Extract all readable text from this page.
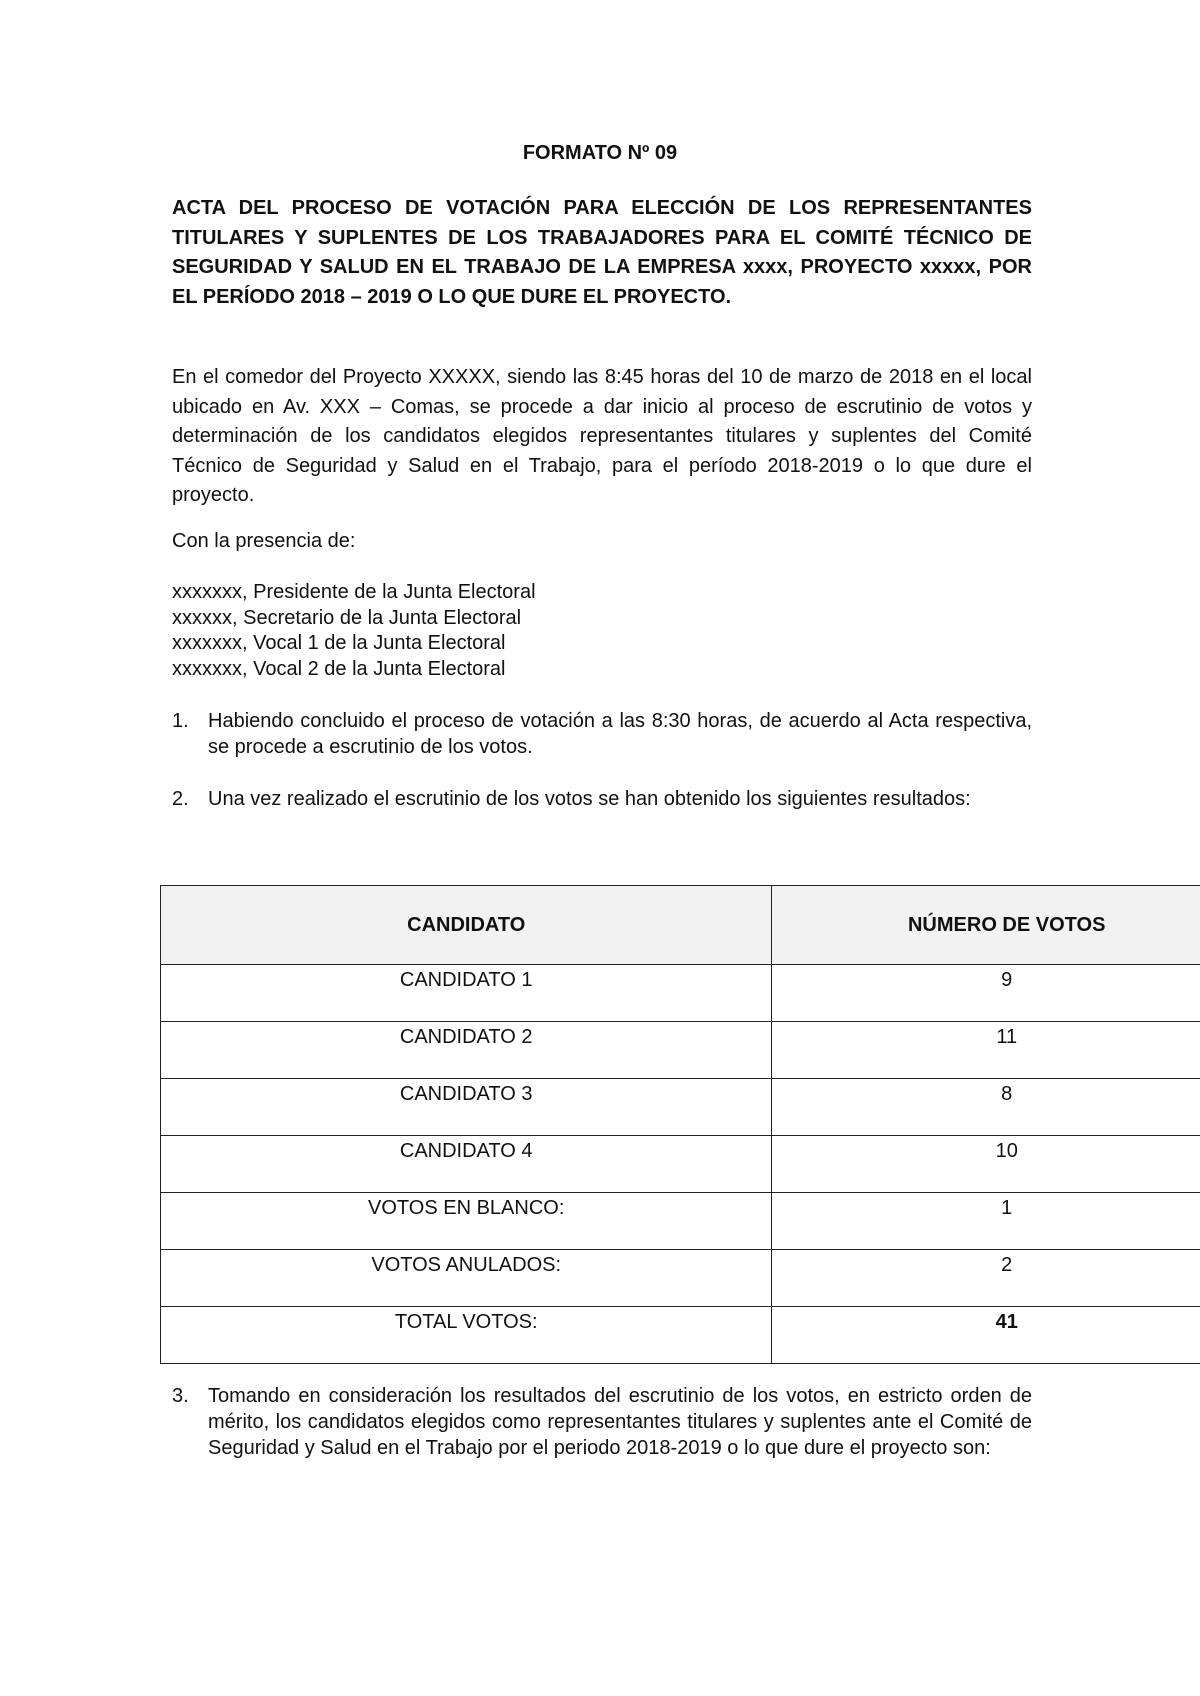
FORMATO Nº 09

ACTA DEL PROCESO DE VOTACIÓN PARA ELECCIÓN DE LOS REPRESENTANTES TITULARES Y SUPLENTES DE LOS TRABAJADORES PARA EL COMITÉ TÉCNICO DE SEGURIDAD Y SALUD EN EL TRABAJO DE LA EMPRESA xxxx, PROYECTO xxxxx, POR EL PERÍODO 2018 – 2019 O LO QUE DURE EL PROYECTO.

En el comedor del Proyecto XXXXX, siendo las 8:45 horas del 10 de marzo de 2018 en el local ubicado en Av. XXX – Comas, se procede a dar inicio al proceso de escrutinio de votos y determinación de los candidatos elegidos representantes titulares y suplentes del Comité Técnico de Seguridad y Salud en el Trabajo, para el período 2018-2019 o lo que dure el proyecto.

Con la presencia de:

xxxxxxx, Presidente de la Junta Electoral
xxxxxx, Secretario de la Junta Electoral
xxxxxxx, Vocal 1 de la Junta Electoral
xxxxxxx, Vocal 2 de la Junta Electoral
1. Habiendo concluido el proceso de votación a las 8:30 horas, de acuerdo al Acta respectiva, se procede a escrutinio de los votos.
2. Una vez realizado el escrutinio de los votos se han obtenido los siguientes resultados:
CANDIDATO	NÚMERO DE VOTOS
CANDIDATO 1	9
CANDIDATO 2	11
CANDIDATO 3	8
CANDIDATO 4	10
VOTOS EN BLANCO:	1
VOTOS ANULADOS:	2
TOTAL VOTOS:	41
3. Tomando en consideración los resultados del escrutinio de los votos, en estricto orden de mérito, los candidatos elegidos como representantes titulares y suplentes ante el Comité de Seguridad y Salud en el Trabajo por el periodo 2018-2019 o lo que dure el proyecto son:
